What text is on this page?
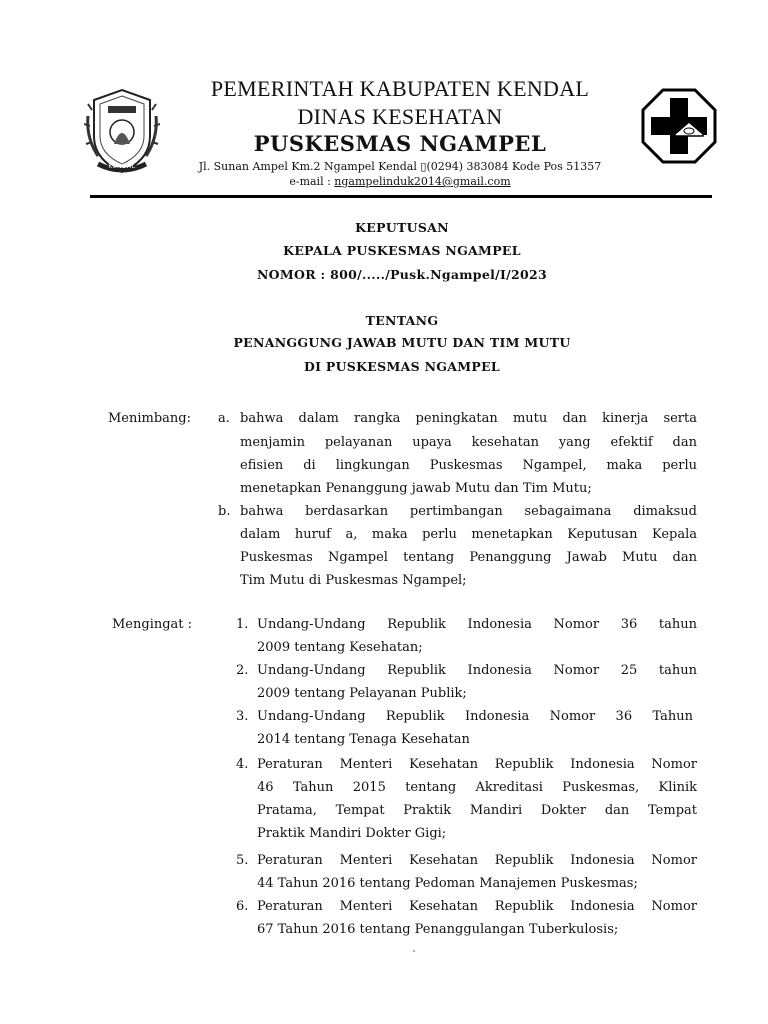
KENDAL
PEMERINTAH KABUPATEN KENDAL
DINAS KESEHATAN
PUSKESMAS NGAMPEL
Jl. Sunan Ampel Km.2 Ngampel Kendal ▯(0294) 383084 Kode Pos 51357
e-mail : ngampelinduk2014@gmail.com
KEPUTUSAN
KEPALA PUSKESMAS NGAMPEL
NOMOR : 800/...../Pusk.Ngampel/I/2023
TENTANG
PENANGGUNG JAWAB MUTU DAN TIM MUTU
DI PUSKESMAS NGAMPEL
Menimbang: a. bahwa dalam rangka peningkatan mutu dan kinerja serta
menjamin pelayanan upaya kesehatan yang efektif dan
efisien di lingkungan Puskesmas Ngampel, maka perlu
menetapkan Penanggung jawab Mutu dan Tim Mutu;
b. bahwa berdasarkan pertimbangan sebagaimana dimaksud
dalam huruf a, maka perlu menetapkan Keputusan Kepala
Puskesmas Ngampel tentang Penanggung Jawab Mutu dan
Tim Mutu di Puskesmas Ngampel;
Mengingat :	1. Undang-Undang Republik Indonesia Nomor 36 tahun
2009 tentang Kesehatan;
2. Undang-Undang Republik Indonesia Nomor 25 tahun
2009 tentang Pelayanan Publik;
3. Undang-Undang Republik Indonesia Nomor 36 Tahun
2014 tentang Tenaga Kesehatan
4. Peraturan Menteri Kesehatan Republik Indonesia Nomor
46 Tahun 2015 tentang Akreditasi Puskesmas, Klinik
Pratama, Tempat Praktik Mandiri Dokter dan Tempat
Praktik Mandiri Dokter Gigi;
5. Peraturan Menteri Kesehatan Republik Indonesia Nomor
44 Tahun 2016 tentang Pedoman Manajemen Puskesmas;
6. Peraturan Menteri Kesehatan Republik Indonesia Nomor
67 Tahun 2016 tentang Penanggulangan Tuberkulosis;
